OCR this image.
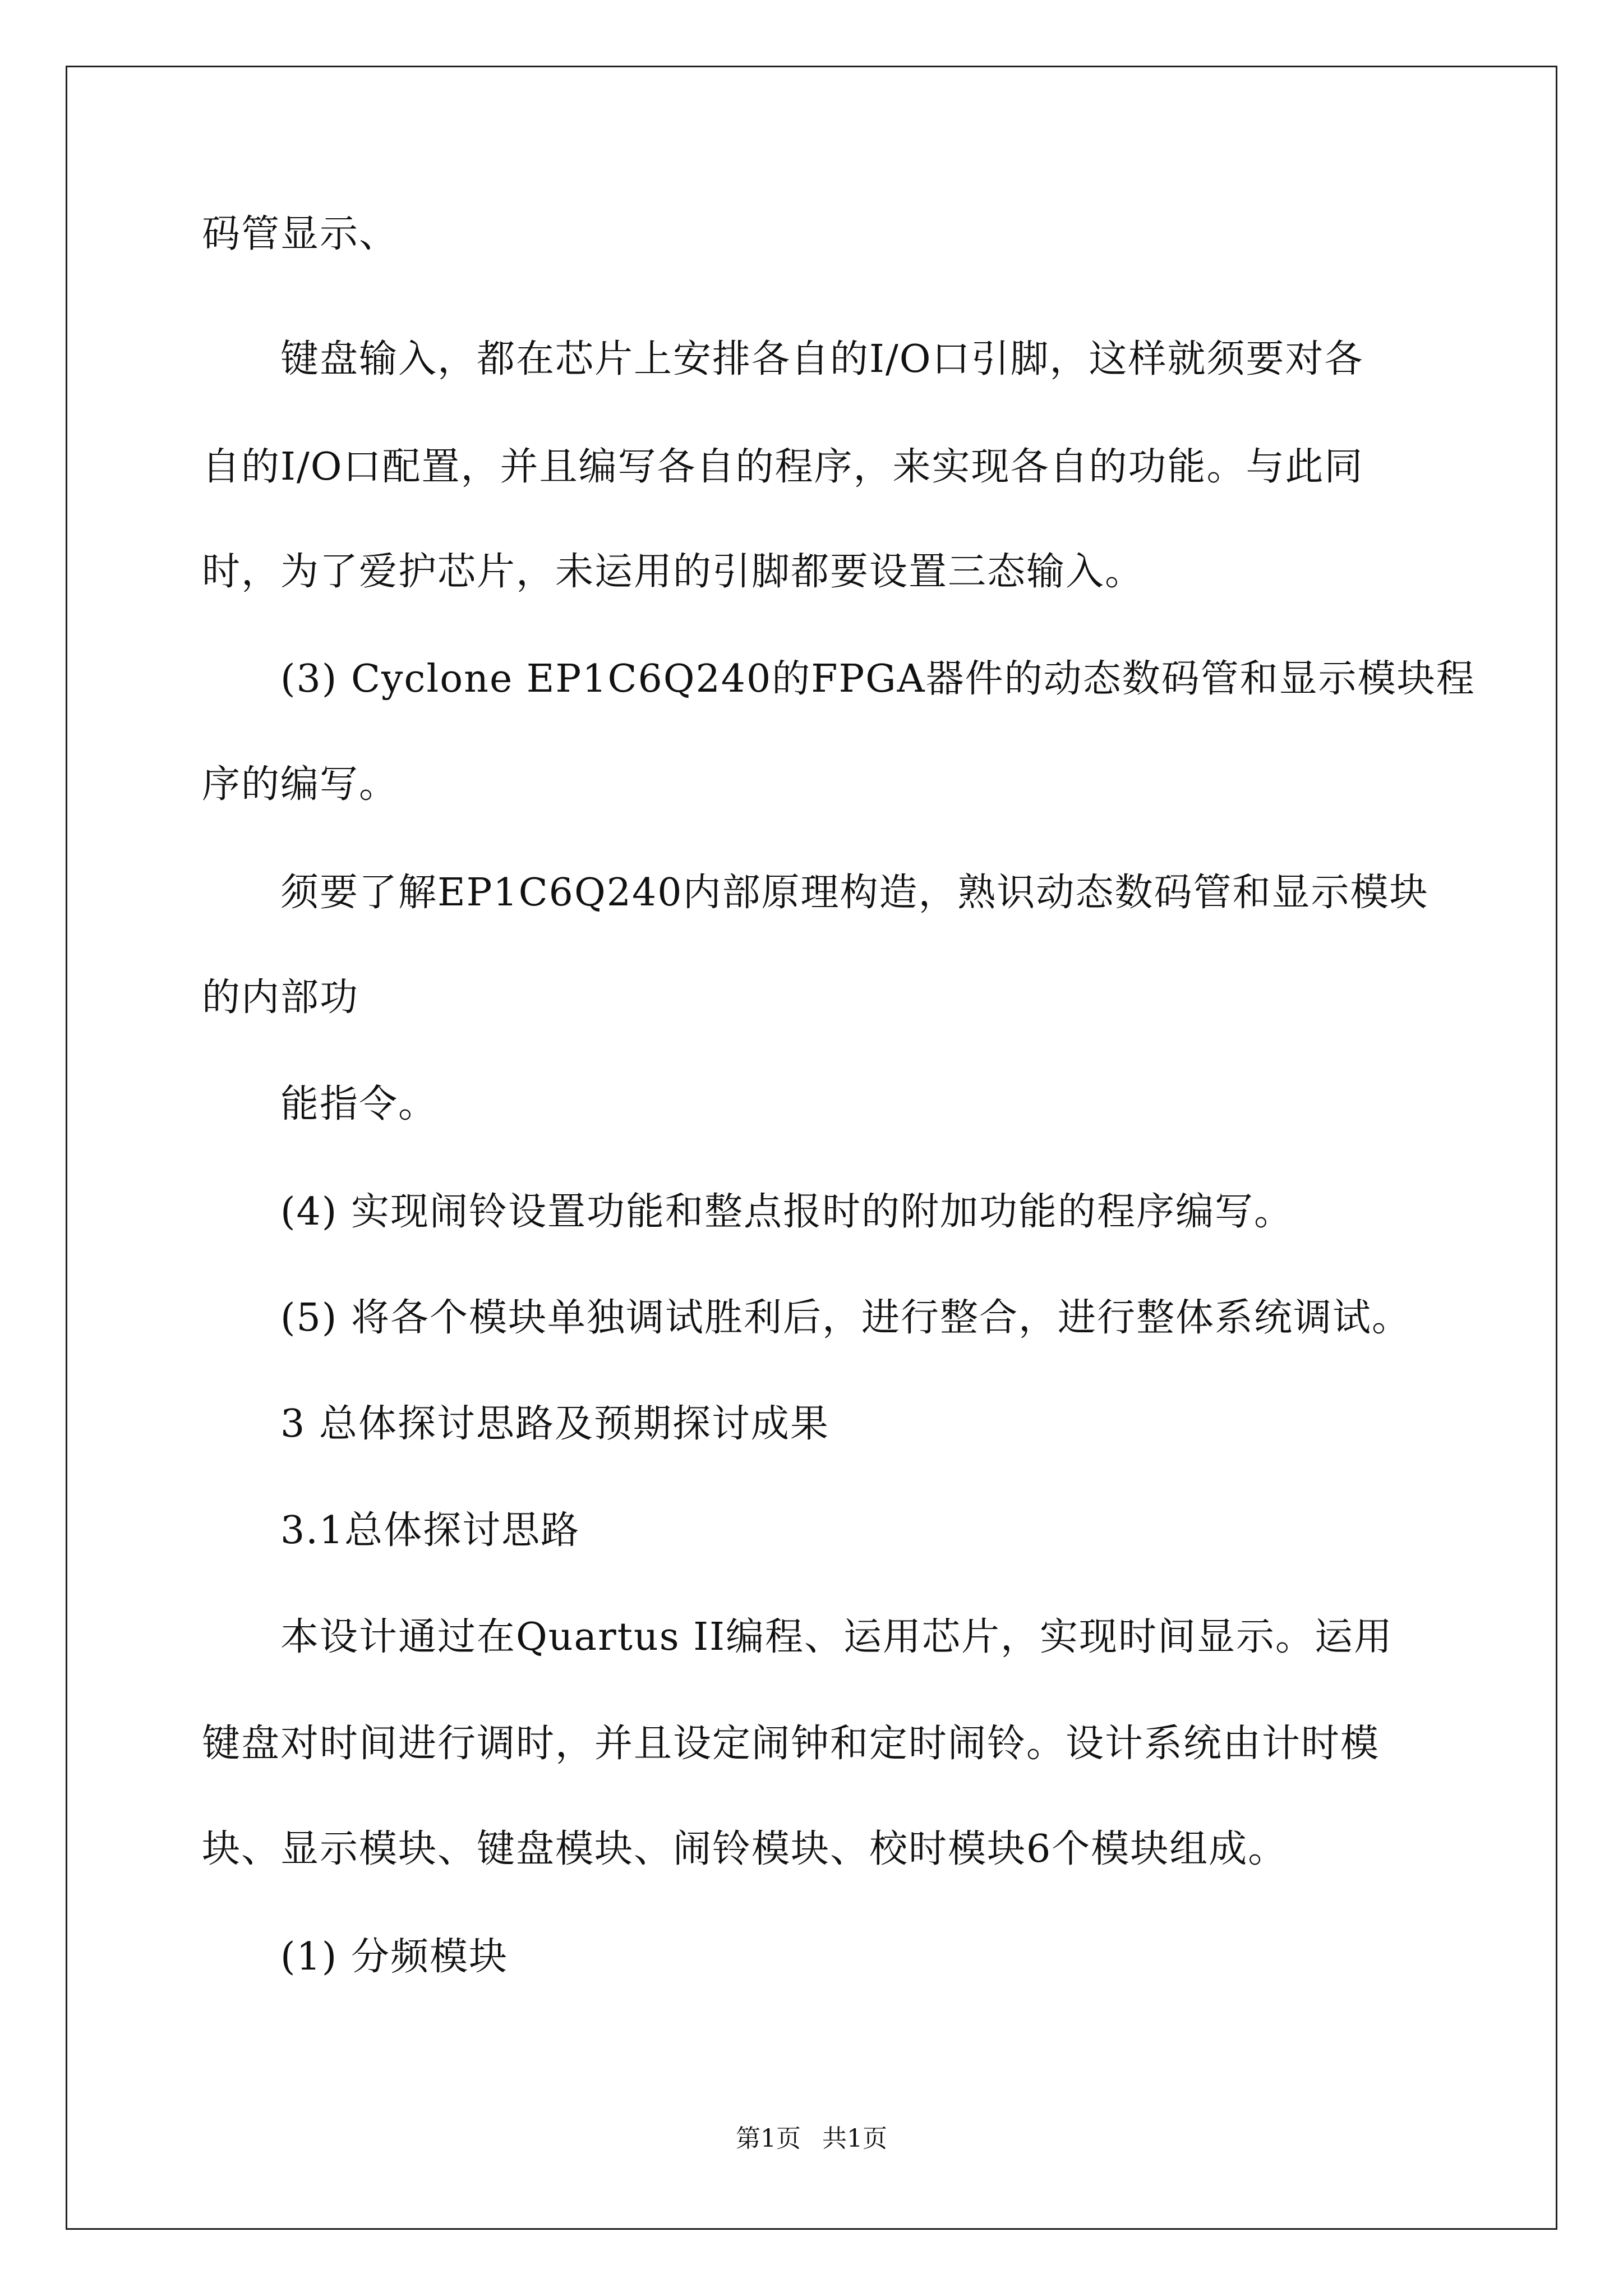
码管显示、
键盘输入，都在芯片上安排各自的I/O口引脚，这样就须要对各
自的I/O口配置，并且编写各自的程序，来实现各自的功能。与此同
时，为了爱护芯片，未运用的引脚都要设置三态输入。
(3) Cyclone EP1C6Q240的FPGA器件的动态数码管和显示模块程
序的编写。
须要了解EP1C6Q240内部原理构造，熟识动态数码管和显示模块
的内部功
能指令。
(4) 实现闹铃设置功能和整点报时的附加功能的程序编写。
(5) 将各个模块单独调试胜利后，进行整合，进行整体系统调试。
3 总体探讨思路及预期探讨成果
3.1总体探讨思路
本设计通过在Quartus II编程、运用芯片，实现时间显示。运用
键盘对时间进行调时，并且设定闹钟和定时闹铃。设计系统由计时模
块、显示模块、键盘模块、闹铃模块、校时模块6个模块组成。
(1) 分频模块
第1页 共1页
